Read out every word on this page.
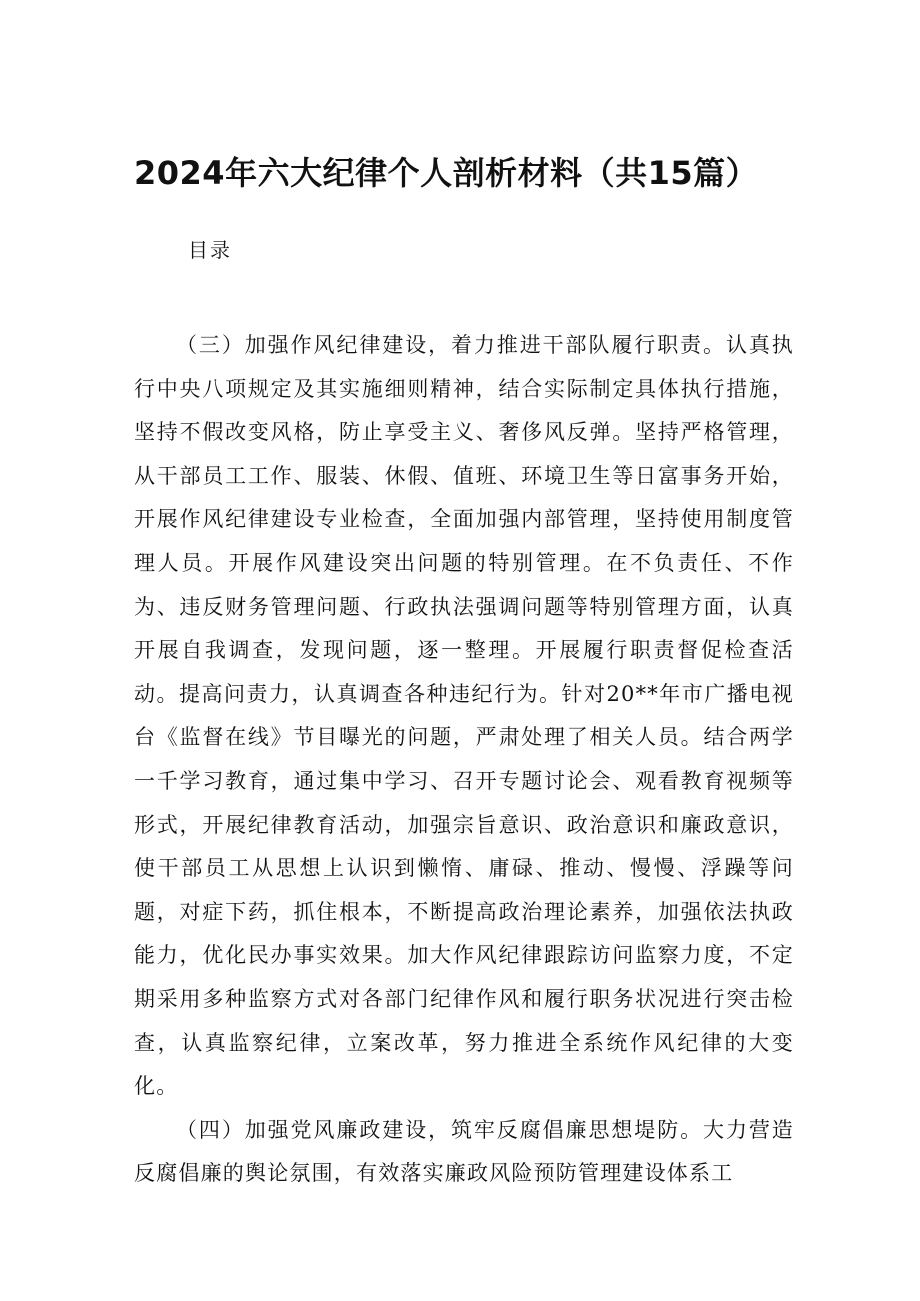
2024年六大纪律个人剖析材料（共15篇）
目录

（三）加强作风纪律建设，着力推进干部队履行职责。认真执行中央八项规定及其实施细则精神，结合实际制定具体执行措施，坚持不假改变风格，防止享受主义、奢侈风反弹。坚持严格管理，从干部员工工作、服装、休假、值班、环境卫生等日富事务开始，开展作风纪律建设专业检查，全面加强内部管理，坚持使用制度管理人员。开展作风建设突出问题的特别管理。在不负责任、不作为、违反财务管理问题、行政执法强调问题等特别管理方面，认真开展自我调查，发现问题，逐一整理。开展履行职责督促检查活动。提高问责力，认真调查各种违纪行为。针对20**年市广播电视台《监督在线》节目曝光的问题，严肃处理了相关人员。结合两学一千学习教育，通过集中学习、召开专题讨论会、观看教育视频等形式，开展纪律教育活动，加强宗旨意识、政治意识和廉政意识，使干部员工从思想上认识到懒惰、庸碌、推动、慢慢、浮躁等问题，对症下药，抓住根本，不断提高政治理论素养，加强依法执政能力，优化民办事实效果。加大作风纪律跟踪访问监察力度，不定期采用多种监察方式对各部门纪律作风和履行职务状况进行突击检查，认真监察纪律，立案改革，努力推进全系统作风纪律的大变化。

（四）加强党风廉政建设，筑牢反腐倡廉思想堤防。大力营造反腐倡廉的舆论氛围，有效落实廉政风险预防管理建设体系工
